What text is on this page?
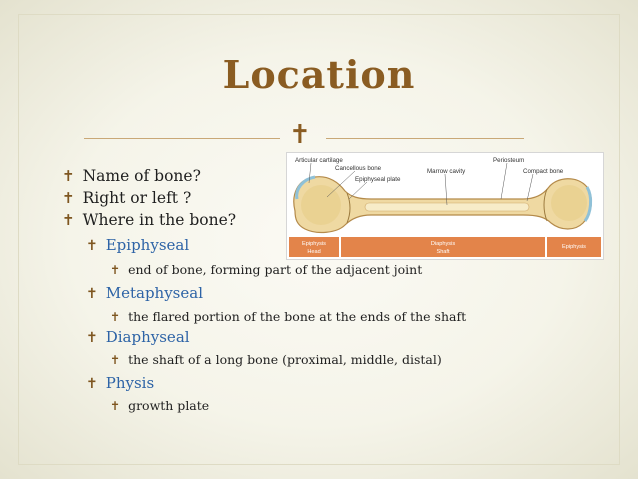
Location
✝
✝ Name of bone?
✝ Right or left ?
✝ Where in the bone?
✝ Epiphyseal
✝ end of bone, forming part of the adjacent joint
✝ Metaphyseal
✝ the flared portion of the bone at the ends of the shaft
✝ Diaphyseal
✝ the shaft of a long bone (proximal, middle, distal)
✝ Physis
✝ growth plate
Articular cartilage
Cancellous bone
Epiphyseal plate
Marrow cavity
Periosteum
Compact bone
Epiphysis
Head
Diaphysis
Shaft
Epiphysis
